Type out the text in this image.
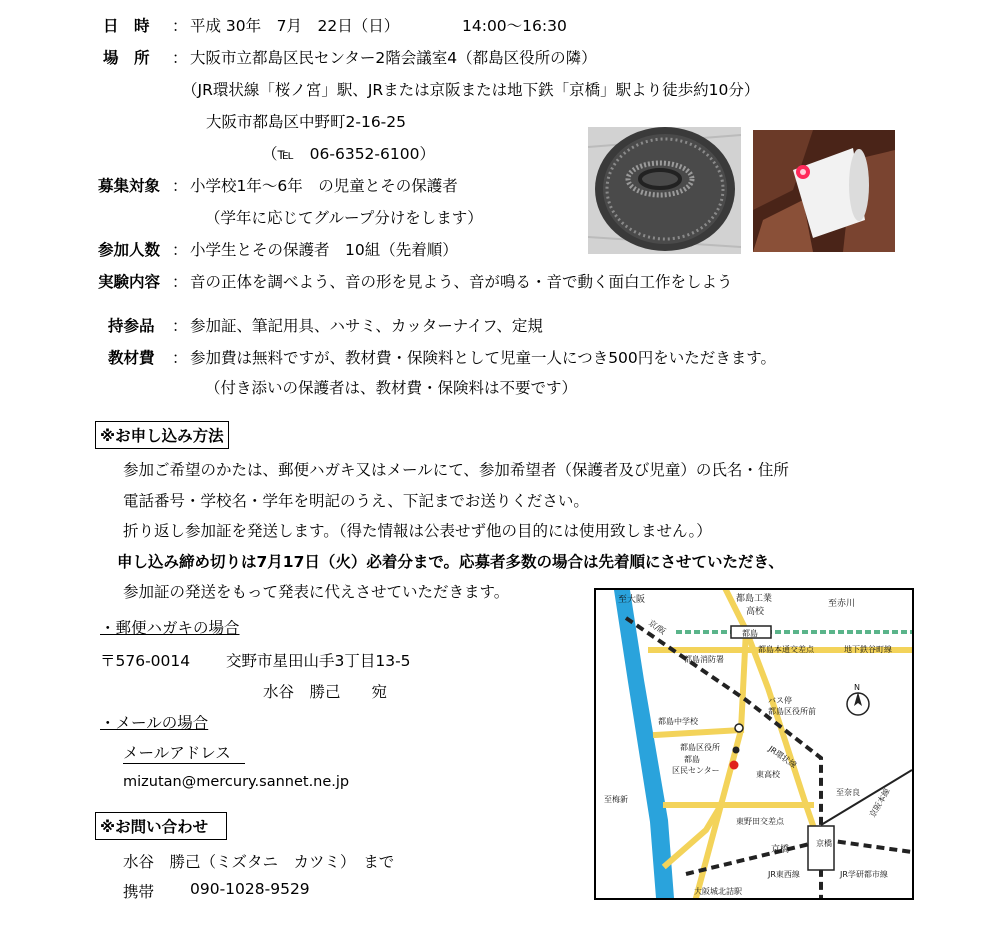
日　時 ： 平成 30年　7月　22日（日）	14:00～16:30
場　所 ： 大阪市立都島区民センター2階会議室4（都島区役所の隣）
（JR環状線「桜ノ宮」駅、JRまたは京阪または地下鉄「京橋」駅より徒歩約10分）
大阪市都島区中野町2-16-25
（℡　06-6352-6100）
募集対象 ： 小学校1年～6年　の児童とその保護者
（学年に応じてグループ分けをします）
参加人数 ： 小学生とその保護者　10組（先着順）
実験内容 ： 音の正体を調べよう、音の形を見よう、音が鳴る・音で動く面白工作をしよう
持参品 ： 参加証、筆記用具、ハサミ、カッターナイフ、定規
教材費 ： 参加費は無料ですが、教材費・保険料として児童一人につき500円をいただきます。
（付き添いの保護者は、教材費・保険料は不要です）
※お申し込み方法
参加ご希望のかたは、郵便ハガキ又はメールにて、参加希望者（保護者及び児童）の氏名・住所
電話番号・学校名・学年を明記のうえ、下記までお送りください。
折り返し参加証を発送します。（得た情報は公表せず他の目的には使用致しません。）
申し込み締め切りは7月17日（火）必着分まで。応募者多数の場合は先着順にさせていただき、
参加証の発送をもって発表に代えさせていただきます。
・郵便ハガキの場合
〒576-0014 交野市星田山手3丁目13-5
水谷　勝己　　宛
・メールの場合
メールアドレス
mizutan@mercury.sannet.ne.jp
※お問い合わせ
水谷　勝己（ミズタニ　カツミ）　まで
携帯 090-1028-9529
至大阪	都島工業
高校
至赤川
都島
都島本通交差点	地下鉄谷町線
都島消防署
バス停
都島区役所前
N
都島中学校
JR環状線
都島区役所
都島
区民センター	東高校
至梅新
至奈良 京阪本線
東野田交差点
京橋
京橋
JR東西線	JR学研都市線
大阪城北詰駅
京/阪
